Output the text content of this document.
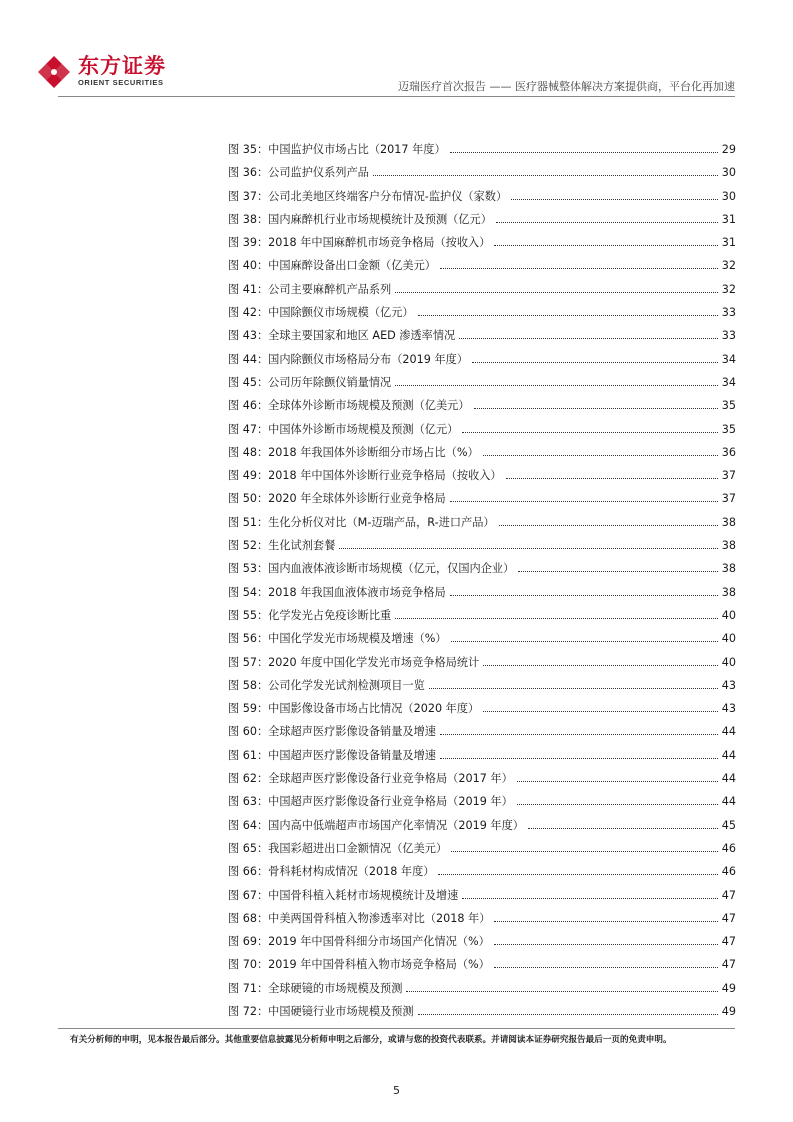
东方证劵
ORIENT SECURITIES	迈瑞医疗首次报告 —— 医疗器械整体解决方案提供商，平台化再加速
图 35：中国监护仪市场占比（2017 年度）	29
图 36：公司监护仪系列产品	30
图 37：公司北美地区终端客户分布情况-监护仪（家数）	30
图 38：国内麻醉机行业市场规模统计及预测（亿元）	31
图 39：2018 年中国麻醉机市场竞争格局（按收入）	31
图 40：中国麻醉设备出口金额（亿美元）	32
图 41：公司主要麻醉机产品系列	32
图 42：中国除颤仪市场规模（亿元）	33
图 43：全球主要国家和地区 AED 渗透率情况	33
图 44：国内除颤仪市场格局分布（2019 年度）	34
图 45：公司历年除颤仪销量情况	34
图 46：全球体外诊断市场规模及预测（亿美元）	35
图 47：中国体外诊断市场规模及预测（亿元）	35
图 48：2018 年我国体外诊断细分市场占比（%）	36
图 49：2018 年中国体外诊断行业竞争格局（按收入）	37
图 50：2020 年全球体外诊断行业竞争格局	37
图 51：生化分析仪对比（M-迈瑞产品，R-进口产品）	38
图 52：生化试剂套餐	38
图 53：国内血液体液诊断市场规模（亿元，仅国内企业）	38
图 54：2018 年我国血液体液市场竞争格局	38
图 55：化学发光占免疫诊断比重	40
图 56：中国化学发光市场规模及增速（%）	40
图 57：2020 年度中国化学发光市场竞争格局统计	40
图 58：公司化学发光试剂检测项目一览	43
图 59：中国影像设备市场占比情况（2020 年度）	43
图 60：全球超声医疗影像设备销量及增速	44
图 61：中国超声医疗影像设备销量及增速	44
图 62：全球超声医疗影像设备行业竞争格局（2017 年）	44
图 63：中国超声医疗影像设备行业竞争格局（2019 年）	44
图 64：国内高中低端超声市场国产化率情况（2019 年度）	45
图 65：我国彩超进出口金额情况（亿美元）	46
图 66：骨科耗材构成情况（2018 年度）	46
图 67：中国骨科植入耗材市场规模统计及增速	47
图 68：中美两国骨科植入物渗透率对比（2018 年）	47
图 69：2019 年中国骨科细分市场国产化情况（%）	47
图 70：2019 年中国骨科植入物市场竞争格局（%）	47
图 71：全球硬镜的市场规模及预测	49
图 72：中国硬镜行业市场规模及预测	49
有关分析师的申明，见本报告最后部分。其他重要信息披露见分析师申明之后部分，或请与您的投资代表联系。并请阅读本证券研究报告最后一页的免责申明。
5
